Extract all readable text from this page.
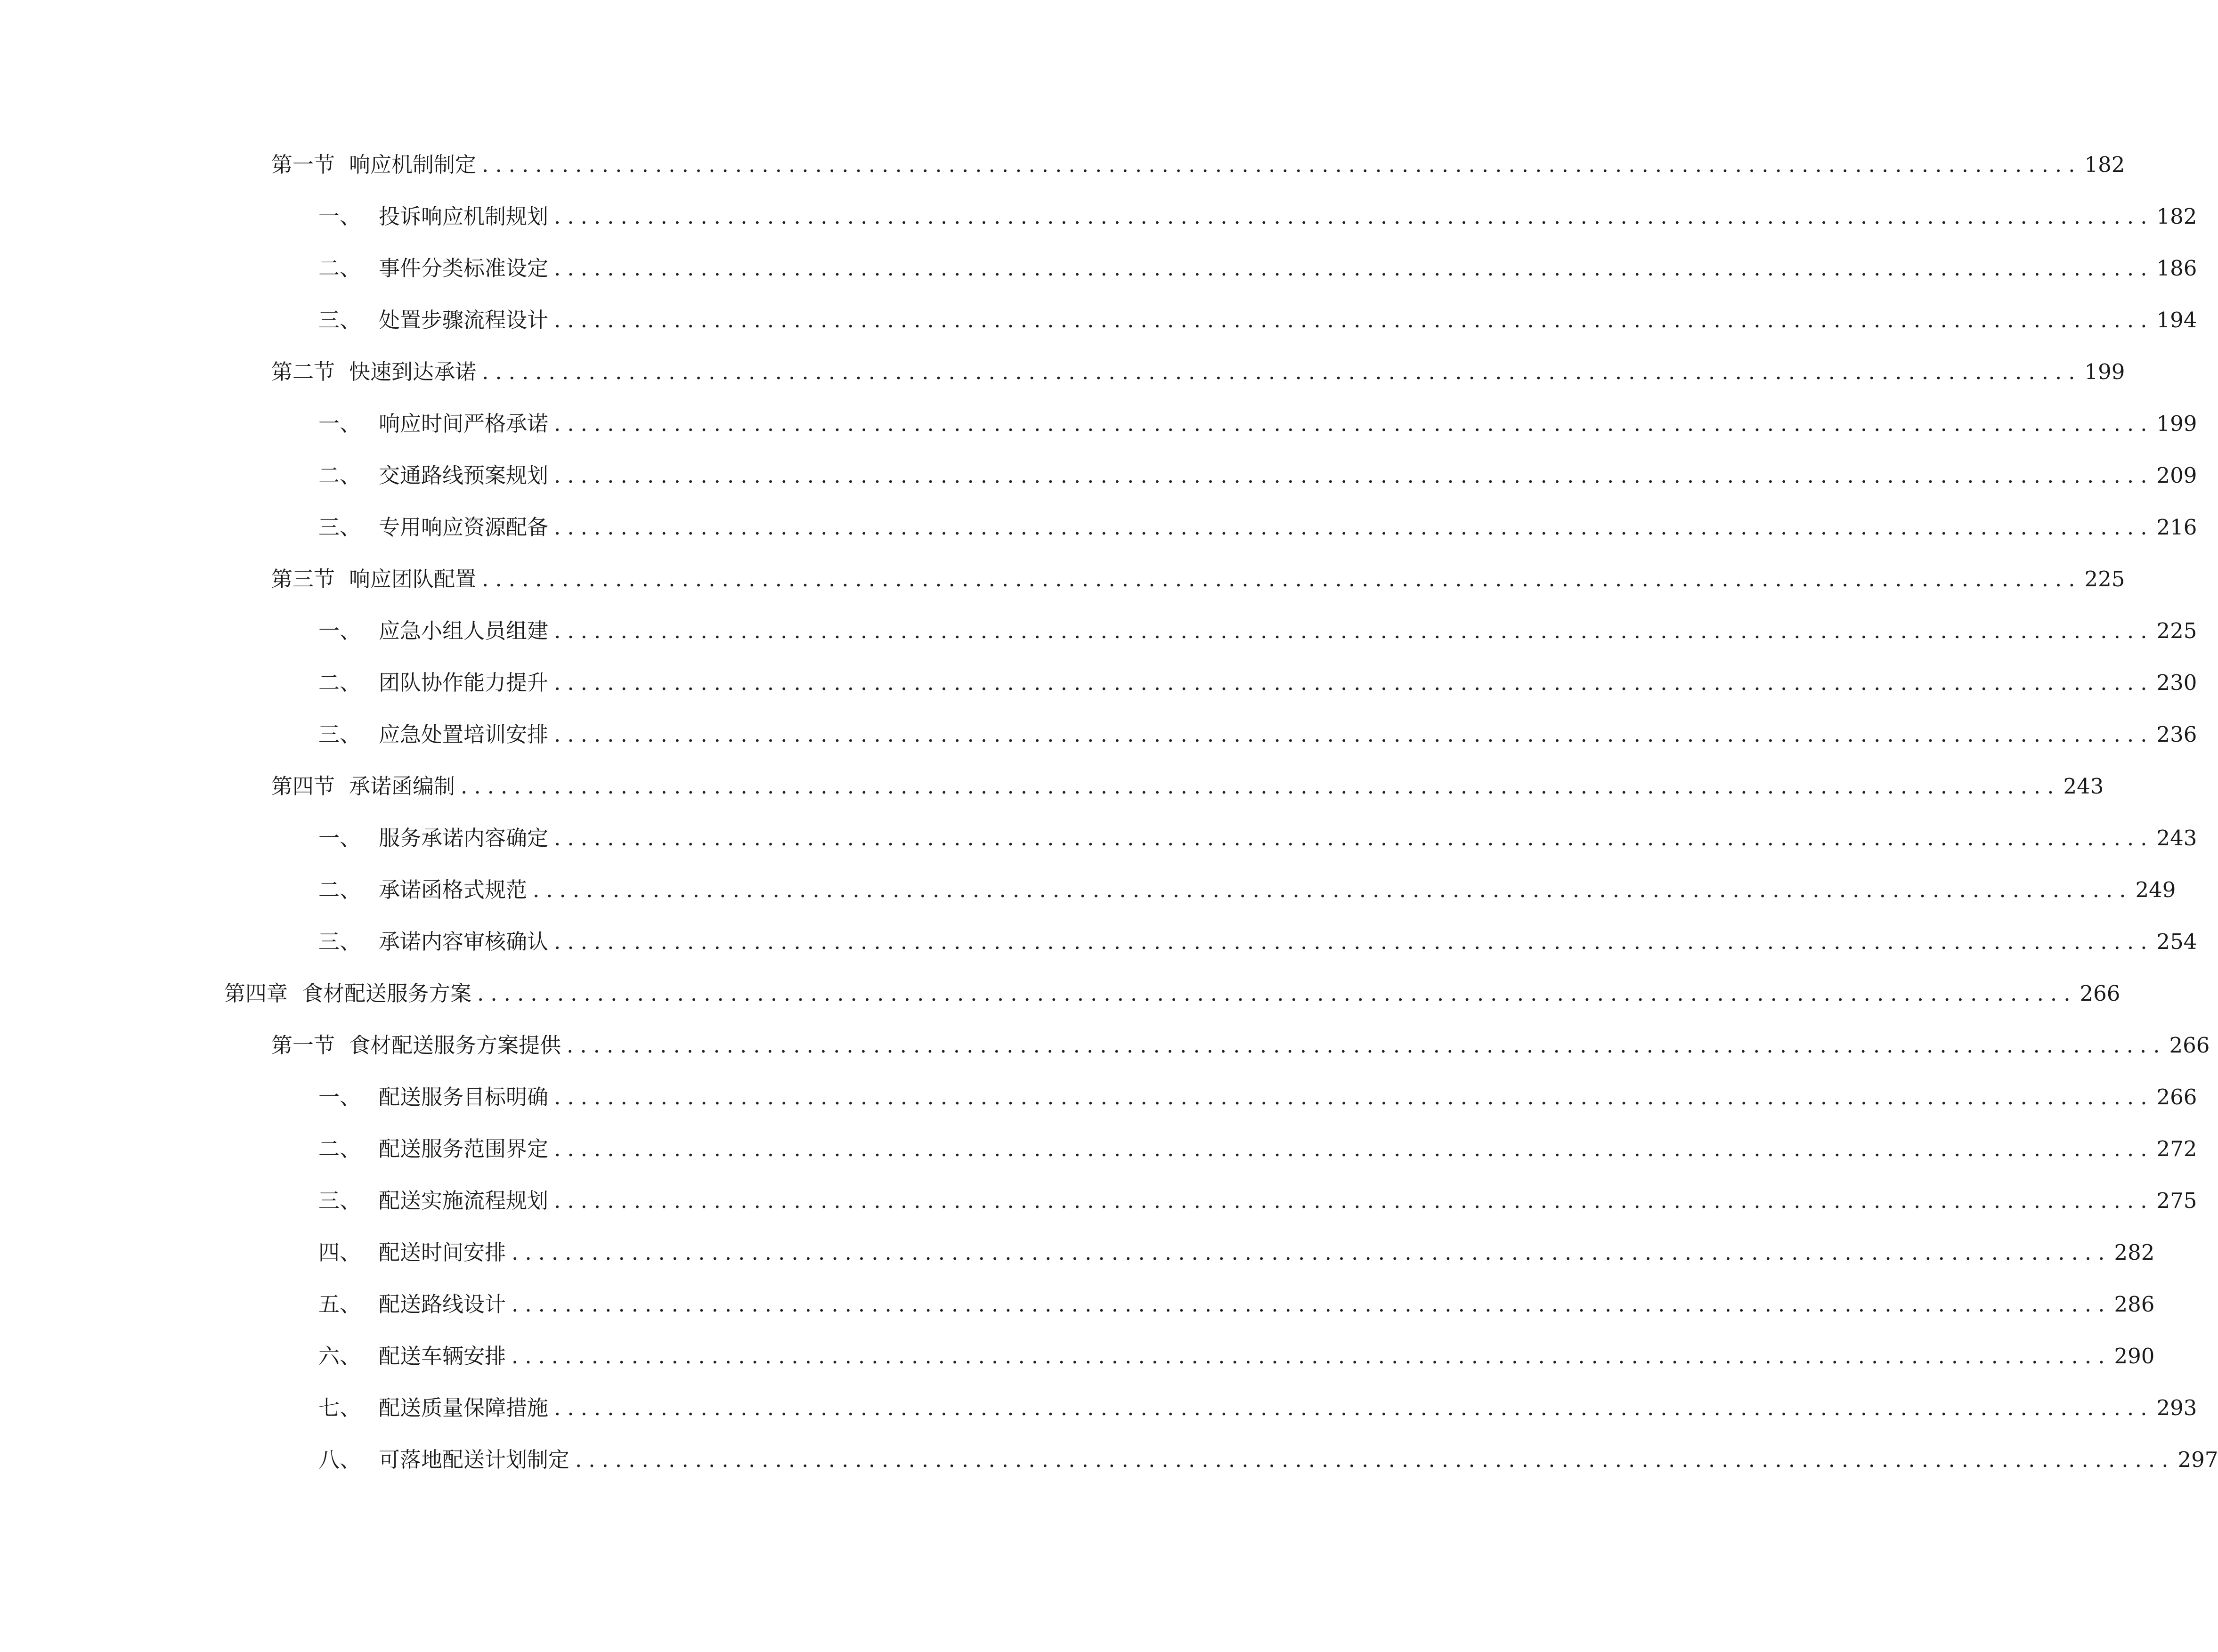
第一节 响应机制制定 ........................................................................................................................ 182
一、 投诉响应机制规划 ........................................................................................................................ 182
二、 事件分类标准设定 ........................................................................................................................ 186
三、 处置步骤流程设计 ........................................................................................................................ 194
第二节 快速到达承诺 ........................................................................................................................ 199
一、 响应时间严格承诺 ........................................................................................................................ 199
二、 交通路线预案规划 ........................................................................................................................ 209
三、 专用响应资源配备 ........................................................................................................................ 216
第三节 响应团队配置 ........................................................................................................................ 225
一、 应急小组人员组建 ........................................................................................................................ 225
二、 团队协作能力提升 ........................................................................................................................ 230
三、 应急处置培训安排 ........................................................................................................................ 236
第四节 承诺函编制 ........................................................................................................................ 243
一、 服务承诺内容确定 ........................................................................................................................ 243
二、 承诺函格式规范 ........................................................................................................................ 249
三、 承诺内容审核确认 ........................................................................................................................ 254
第四章 食材配送服务方案 ........................................................................................................................ 266
第一节 食材配送服务方案提供 ........................................................................................................................ 266
一、 配送服务目标明确 ........................................................................................................................ 266
二、 配送服务范围界定 ........................................................................................................................ 272
三、 配送实施流程规划 ........................................................................................................................ 275
四、 配送时间安排 ........................................................................................................................ 282
五、 配送路线设计 ........................................................................................................................ 286
六、 配送车辆安排 ........................................................................................................................ 290
七、 配送质量保障措施 ........................................................................................................................ 293
八、 可落地配送计划制定 ........................................................................................................................ 297
